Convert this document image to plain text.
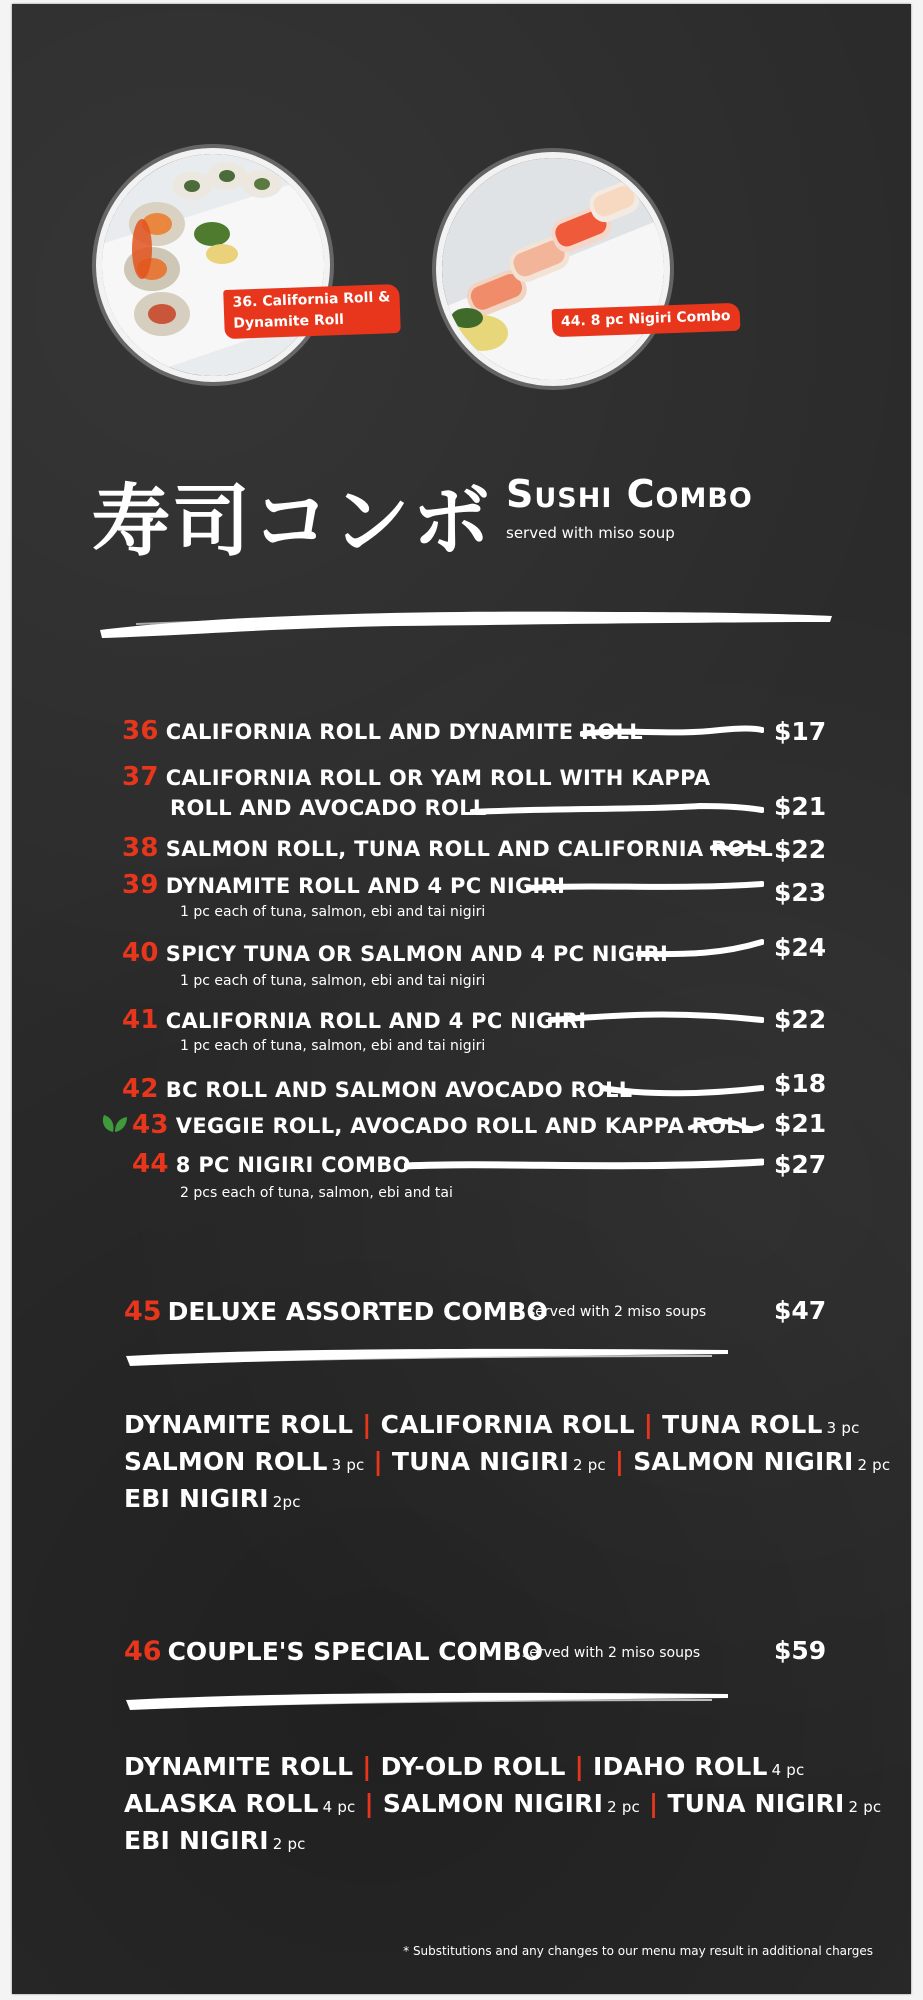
36. California Roll &
Dynamite Roll	44. 8 pc Nigiri Combo
寿司コンボ Sushi Combo
served with miso soup
36 CALIFORNIA ROLL AND DYNAMITE ROLL	$17
37 CALIFORNIA ROLL OR YAM ROLL WITH KAPPA
ROLL AND AVOCADO ROLL	$21
38 SALMON ROLL, TUNA ROLL AND CALIFORNIA ROLL $22
39 DYNAMITE ROLL AND 4 PC NIGIRI	$23
1 pc each of tuna, salmon, ebi and tai nigiri
40 SPICY TUNA OR SALMON AND 4 PC NIGIRI	$24
1 pc each of tuna, salmon, ebi and tai nigiri
41 CALIFORNIA ROLL AND 4 PC NIGIRI	$22
1 pc each of tuna, salmon, ebi and tai nigiri
42 BC ROLL AND SALMON AVOCADO ROLL	$18
43 VEGGIE ROLL, AVOCADO ROLL AND KAPPA ROLL $21
44 8 PC NIGIRI COMBO	$27
2 pcs each of tuna, salmon, ebi and tai
45 DELUXE ASSORTED COMBO
served with 2 miso soups	$47
DYNAMITE ROLL | CALIFORNIA ROLL | TUNA ROLL 3 pc
SALMON ROLL 3 pc | TUNA NIGIRI 2 pc | SALMON NIGIRI 2 pc
EBI NIGIRI 2pc
46 COUPLE'S SPECIAL COMBO
served with 2 miso soups	$59
DYNAMITE ROLL | DY-OLD ROLL | IDAHO ROLL 4 pc
ALASKA ROLL 4 pc | SALMON NIGIRI 2 pc | TUNA NIGIRI 2 pc
EBI NIGIRI 2 pc
* Substitutions and any changes to our menu may result in additional charges
